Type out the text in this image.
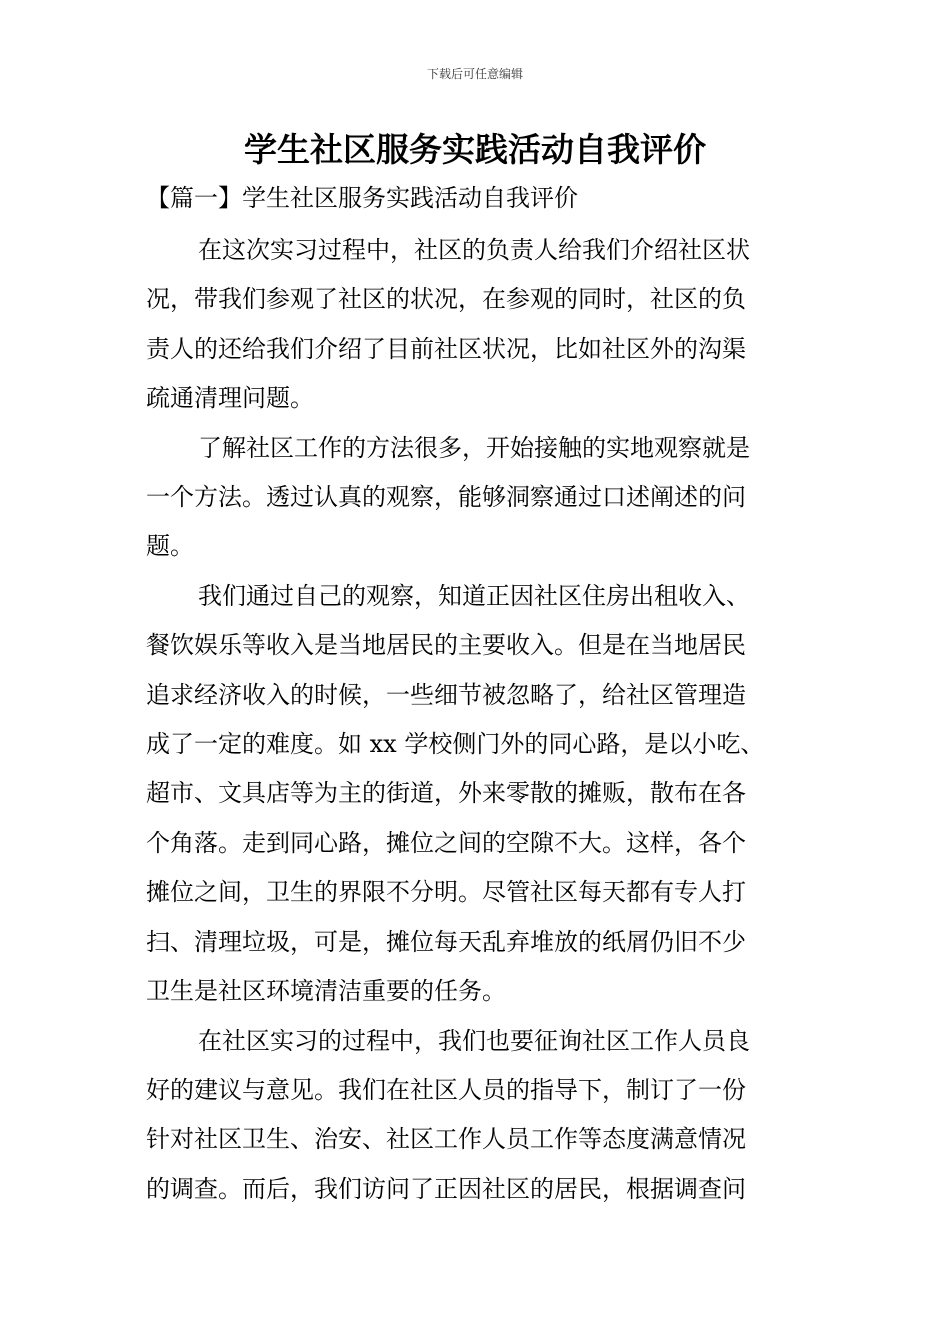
下载后可任意编辑
学生社区服务实践活动自我评价
【篇一】学生社区服务实践活动自我评价
在这次实习过程中，社区的负责人给我们介绍社区状
况，带我们参观了社区的状况，在参观的同时，社区的负
责人的还给我们介绍了目前社区状况，比如社区外的沟渠
疏通清理问题。
了解社区工作的方法很多，开始接触的实地观察就是
一个方法。透过认真的观察，能够洞察通过口述阐述的问
题。
我们通过自己的观察，知道正因社区住房出租收入、
餐饮娱乐等收入是当地居民的主要收入。但是在当地居民
追求经济收入的时候，一些细节被忽略了，给社区管理造
成了一定的难度。如 xx 学校侧门外的同心路，是以小吃、
超市、文具店等为主的街道，外来零散的摊贩，散布在各
个角落。走到同心路，摊位之间的空隙不大。这样，各个
摊位之间，卫生的界限不分明。尽管社区每天都有专人打
扫、清理垃圾，可是，摊位每天乱弃堆放的纸屑仍旧不少
卫生是社区环境清洁重要的任务。
在社区实习的过程中，我们也要征询社区工作人员良
好的建议与意见。我们在社区人员的指导下，制订了一份
针对社区卫生、治安、社区工作人员工作等态度满意情况
的调查。而后，我们访问了正因社区的居民，根据调查问
